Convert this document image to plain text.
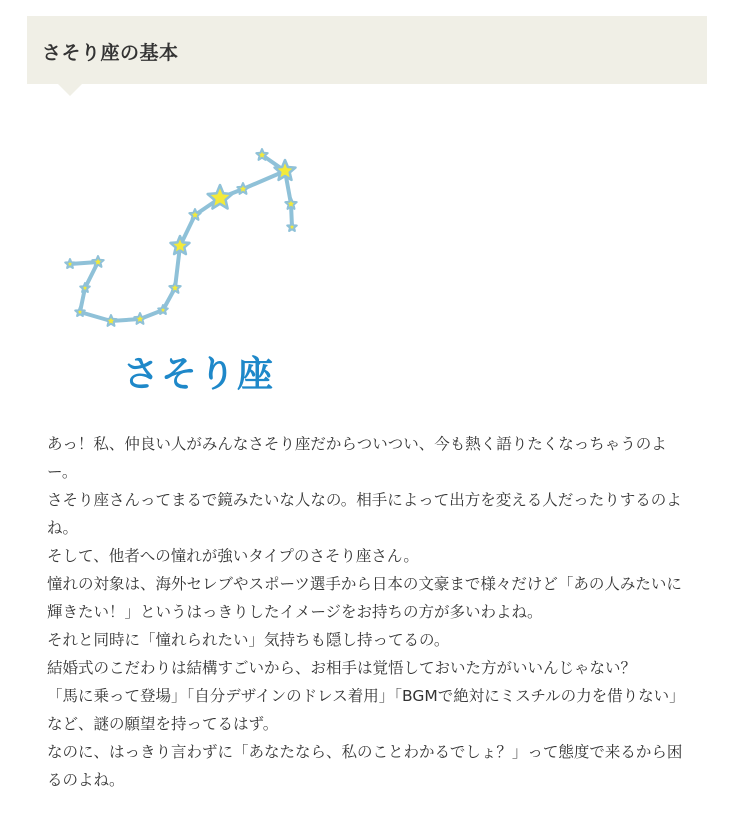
さそり座の基本
さそり座

あっ！私、仲良い人がみんなさそり座だからついつい、今も熱く語りたくなっちゃうのよー。

さそり座さんってまるで鏡みたいな人なの。相手によって出方を変える人だったりするのよね。

そして、他者への憧れが強いタイプのさそり座さん。

憧れの対象は、海外セレブやスポーツ選手から日本の文豪まで様々だけど「あの人みたいに輝きたい！」というはっきりしたイメージをお持ちの方が多いわよね。

それと同時に「憧れられたい」気持ちも隠し持ってるの。

結婚式のこだわりは結構すごいから、お相手は覚悟しておいた方がいいんじゃない？

「馬に乗って登場」「自分デザインのドレス着用」「BGMで絶対にミスチルの力を借りない」など、謎の願望を持ってるはず。

なのに、はっきり言わずに「あなたなら、私のことわかるでしょ？」って態度で来るから困るのよね。
